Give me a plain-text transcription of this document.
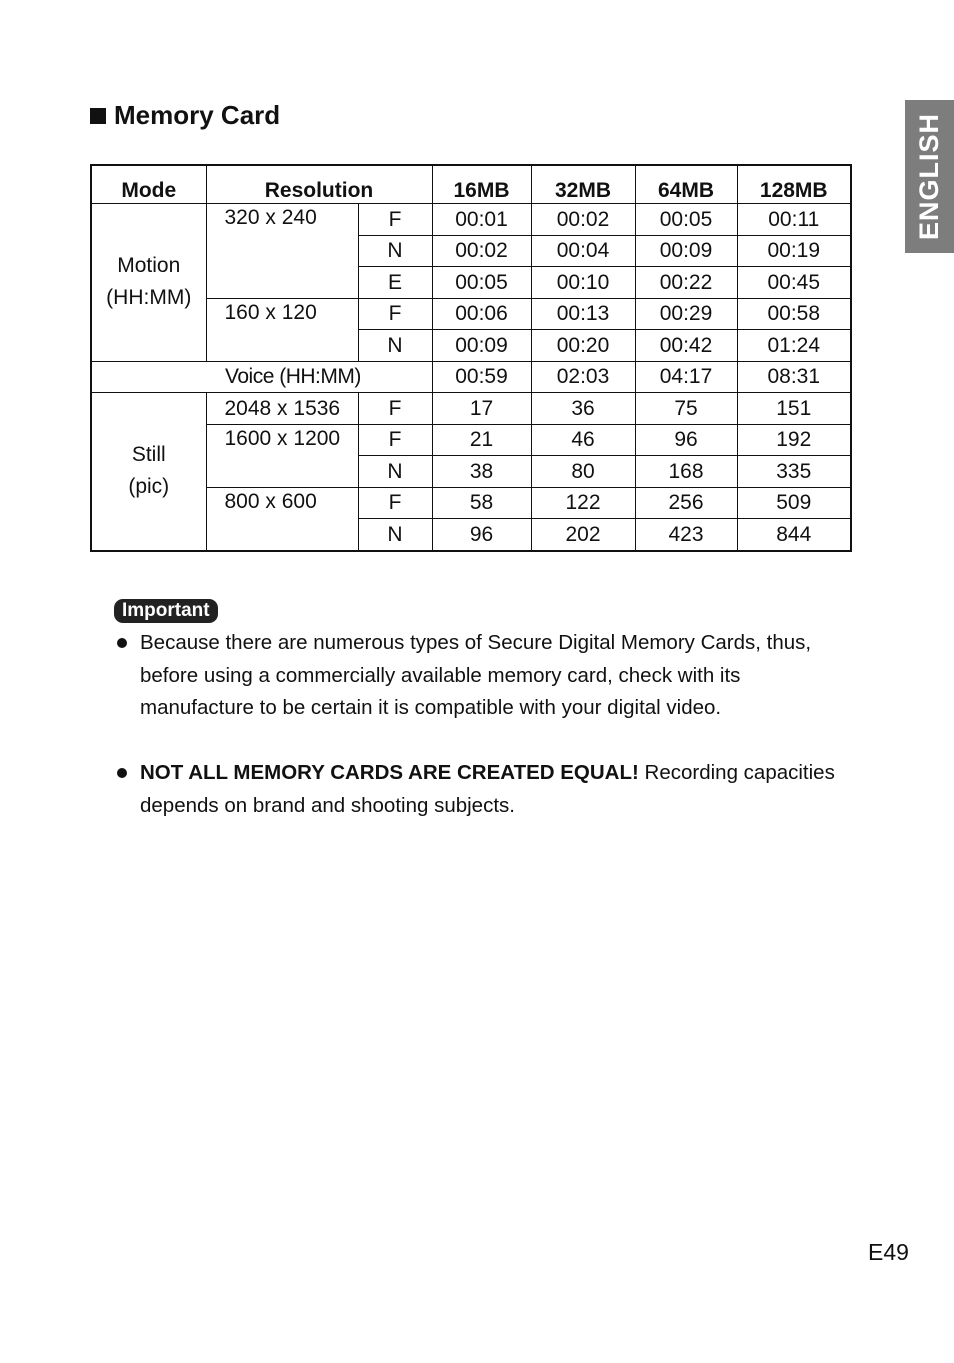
Memory Card	ENGLISH
Mode	Resolution		16MB	32MB	64MB	128MB
Motion
(HH:MM)	320 x 240	F	00:01	00:02	00:05	00:11
		N	00:02	00:04	00:09	00:19
		E	00:05	00:10	00:22	00:45
	160 x 120	F	00:06	00:13	00:29	00:58
		N	00:09	00:20	00:42	01:24
Voice (HH:MM)			00:59	02:03	04:17	08:31
Still
(pic)	2048 x 1536	F	17	36	75	151
	1600 x 1200	F	21	46	96	192
		N	38	80	168	335
	800 x 600	F	58	122	256	509
		N	96	202	423	844
Important
Because there are numerous types of Secure Digital Memory Cards, thus, before using a commercially available memory card, check with its manufacture to be certain it is compatible with your digital video.
NOT ALL MEMORY CARDS ARE CREATED EQUAL! Recording capacities depends on brand and shooting subjects.
E49
